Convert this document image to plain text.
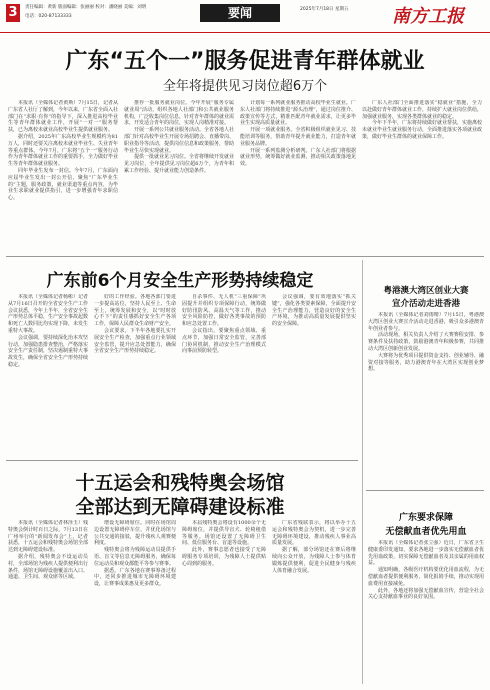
3	责任编辑：黄新 版面编辑：张丽丽 校对：潘晓丽 美编：刘明
电话：020-87133333	要闻	2025年7月18日 星期五 南方工报
广东“五个一”服务促进青年群体就业
全年将提供见习岗位超6万个

本报讯（全媒体记者黄斯）7月15日，记者从广东省人社厅了解到，今年以来，广东省全面入社部门在“求职·有你”的指导下，深入推进高校毕业生等青年群体就业工作，开展“一对一”服务帮扶，已为离校未就业高校毕业生提供就业服务。

据介绍，2025年广东高校毕业生规模约为81万人，同时还要关注离校未就业毕业生、失业青年等重点群体。今年7月，广东将“五个一”服务行动作为青年群体就业工作的重要抓手，全力做好毕业生等青年群体就业服务。

同年毕业生发布一封信。今年7月，广东面向应届毕业生发出一封公开信，聚焦“广东毕业生的”主题，服务政策、就业渠道等重点内容，为毕业生求职就业提供指引，进一步增强青年求职信心。

推荐一批服务就业岗位。今年开展“服务专属就业周”活动，组织各地人社部门和公共就业服务机构，广泛收集岗位信息，针对青年群体的就业需求，开发适合青年的岗位，实现人岗精准对接。

开展一系列公共就业服务活动。全省各地人社部门针对高校毕业生开展专场招聘会、直播带岗、职业指导等活动，提供岗位信息和政策服务，帮助毕业生尽快实现就业。

提供一批就业见习岗位。全省将继续开发就业见习岗位，全年提供见习岗位超6万个，为青年积累工作经验、提升就业能力创造条件。

计划每一系列就业服务推动高校毕业生就业。广东人社部门将持续推进“源头治理”，通过岗位推介、政策宣传等方式，精准匹配青年就业需求，让更多毕业生实现高质量就业。

开展一项就业服务。全省积极组织就业见习、技能培训等服务，帮助青年提升就业能力，打造青年就业服务品牌。

开展一系列监测分析研判。广东人社部门将根据就业形势，统筹做好就业监测，推动相关政策落地见效。

广东人社部门全面推进落实“稳就业”措施，全力以赴做好青年群体就业工作，持续扩大就业岗位供给，加强就业服务，实现各类群体就业的稳定。

今年下半年，广东将持续做好就业帮扶，实施离校未就业毕业生就业服务行动，全面推进落实各项就业政策，做好毕业生群体的就业保障工作。

广东前6个月安全生产形势持续稳定

本报讯（全媒体记者杨彬）记者从7月16日召开的全省安全生产工作会议获悉，今年上半年，全省安全生产形势总体平稳，生产安全事故起数和死亡人数同比均实现下降，未发生重特大事故。

会议强调，要持续深化治本攻坚行动，加强隐患排查整治，严格落实安全生产责任制，坚决遏制重特大事故发生，确保全省安全生产形势持续稳定。

好的工作经验。各地各部门要进一步提高站位，坚持人民至上、生命至上，统筹发展和安全，以“时时放心不下”的责任感抓好安全生产各项工作，保障人民群众生命财产安全。

会议要求，下半年各地要扎实开展安全生产检查，加强重点行业领域安全监管，提升应急处置能力，确保全省安全生产形势持续稳定。

自杀事件、无人机“三重保障”巩固提升并组织专项保障行动，统筹做好防汛防风、高温天气等工作，推动安全风险防控，做好各类事故的预防和应急处置工作。

会议指出，要聚焦重点领域、重点环节，加强日常安全监管，完善部门协同机制，推动安全生产治理模式向事前预防转型。

会议强调，要有效地落实“抓关键”，强化各类要素保障，全面提升安全生产治理能力，营造良好的安全生产环境，为推动高质量发展提供坚实的安全保障。

十五运会和残特奥会场馆
全部达到无障碍建设标准

本报讯（全媒体记者林泽玉）残特奥会倒计时百日之际，7月13日在广州举行的“新闻发布会”上，记者获悉，十五运会和残特奥会场馆全部达到无障碍建设标准。

据介绍，残特奥会不设运动员村，全部场馆为残疾人提供便利出行条件，场馆无障碍设施覆盖出入口、通道、卫生间、观众席等区域。

增设无障碍席位。同时在场馆周边设置无障碍停车位，并优化场馆与公共交通的接驳，提升残疾人观赛便利度。

残特奥会将为残障运动员提供手语、盲文等信息无障碍服务，确保每位运动员和观众都能平等参与赛事。

据悉，广东各地在赛事筹备过程中，还同步推进城市无障碍环境建设，让赛事成果惠及更多群众。

本届残特奥会将设有1000余个无障碍席位，并提供导盲犬、轮椅租借等服务。场馆还设置了无障碍卫生间、低位服务台、盲道等设施。

此外，赛事志愿者也接受了无障碍服务专项培训，为残障人士提供贴心周到的服务。

广东省残联表示，将以举办十五运会和残特奥会为契机，进一步完善无障碍环境建设，推动残疾人事业高质量发展。

据了解，部分场馆还在赛后将继续向公众开放，为残障人士参与体育锻炼提供便利，促进全民健身与残疾人体育融合发展。

粤港澳大湾区创业大赛
宣介活动走进香港

本报讯（全媒体记者刘雨晴）7月15日，粤港澳大湾区创业大赛宣介活动走进香港，吸引众多港澳青年创业者参与。

活动现场，相关负责人介绍了大赛赛程安排、参赛条件及扶持政策，鼓励港澳青年积极参赛，共同推动大湾区创新创业发展。

大赛将为优秀项目提供资金支持、创业辅导、融资对接等服务，助力港澳青年在大湾区实现创业梦想。

广东要求保障
无偿献血者优先用血

本报讯（全媒体记者张立强）近日，广东省卫生健康委印发通知，要求各地进一步落实无偿献血者优先用血政策，切实保障无偿献血者及其亲属的用血权益。

通知明确，各级医疗机构要优化用血流程，为无偿献血者提供便利服务，简化报销手续，推动实现用血费用直接减免。

此外，各地还将加强无偿献血宣传，营造全社会关心支持献血事业的良好氛围。
